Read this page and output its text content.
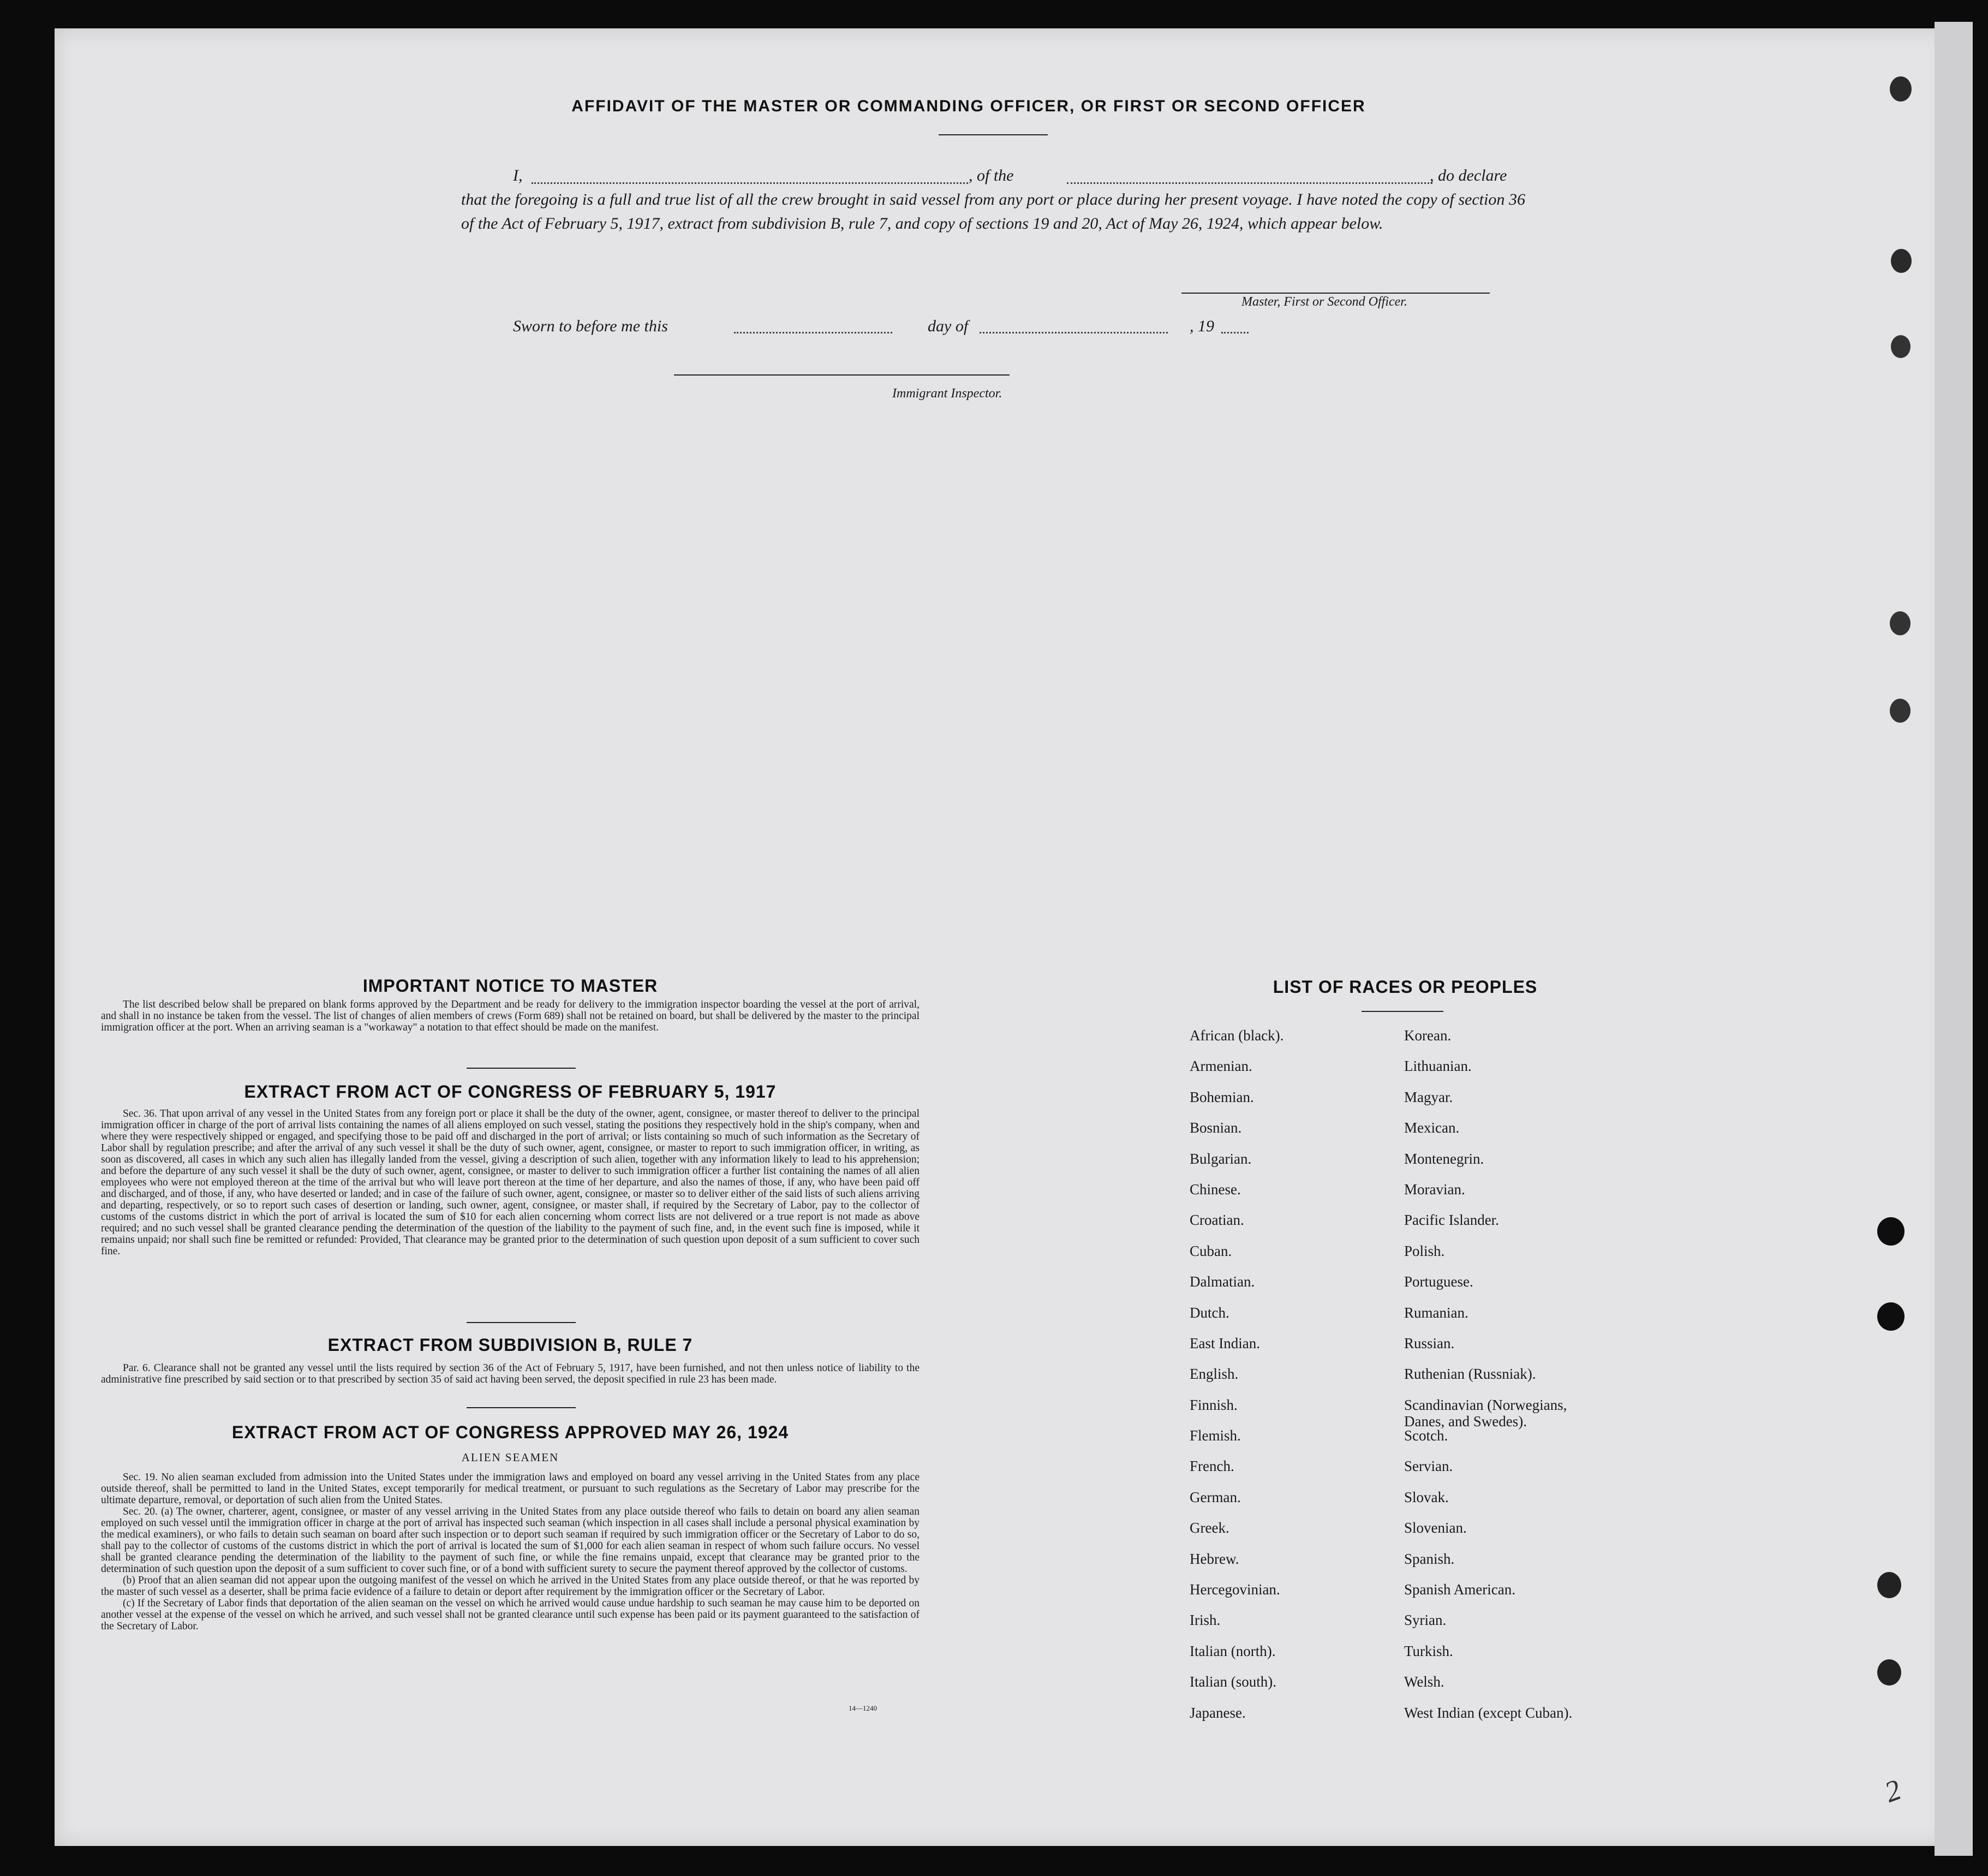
AFFIDAVIT OF THE MASTER OR COMMANDING OFFICER, OR FIRST OR SECOND OFFICER
I,	, of the	, do declare
that the foregoing is a full and true list of all the crew brought in said vessel from any port or place during her present voyage. I have noted the copy of section 36 of the Act of February 5, 1917, extract from subdivision B, rule 7, and copy of sections 19 and 20, Act of May 26, 1924, which appear below.
Master, First or Second Officer.
Sworn to before me this	day of	, 19
Immigrant Inspector.
IMPORTANT NOTICE TO MASTER

The list described below shall be prepared on blank forms approved by the Department and be ready for delivery to the immigration inspector boarding the vessel at the port of arrival, and shall in no instance be taken from the vessel. The list of changes of alien members of crews (Form 689) shall not be retained on board, but shall be delivered by the master to the principal immigration officer at the port. When an arriving seaman is a "workaway" a notation to that effect should be made on the manifest.

EXTRACT FROM ACT OF CONGRESS OF FEBRUARY 5, 1917

Sec. 36. That upon arrival of any vessel in the United States from any foreign port or place it shall be the duty of the owner, agent, consignee, or master thereof to deliver to the principal immigration officer in charge of the port of arrival lists containing the names of all aliens employed on such vessel, stating the positions they respectively hold in the ship's company, when and where they were respectively shipped or engaged, and specifying those to be paid off and discharged in the port of arrival; or lists containing so much of such information as the Secretary of Labor shall by regulation prescribe; and after the arrival of any such vessel it shall be the duty of such owner, agent, consignee, or master to report to such immigration officer, in writing, as soon as discovered, all cases in which any such alien has illegally landed from the vessel, giving a description of such alien, together with any information likely to lead to his apprehension; and before the departure of any such vessel it shall be the duty of such owner, agent, consignee, or master to deliver to such immigration officer a further list containing the names of all alien employees who were not employed thereon at the time of the arrival but who will leave port thereon at the time of her departure, and also the names of those, if any, who have been paid off and discharged, and of those, if any, who have deserted or landed; and in case of the failure of such owner, agent, consignee, or master so to deliver either of the said lists of such aliens arriving and departing, respectively, or so to report such cases of desertion or landing, such owner, agent, consignee, or master shall, if required by the Secretary of Labor, pay to the collector of customs of the customs district in which the port of arrival is located the sum of $10 for each alien concerning whom correct lists are not delivered or a true report is not made as above required; and no such vessel shall be granted clearance pending the determination of the question of the liability to the payment of such fine, and, in the event such fine is imposed, while it remains unpaid; nor shall such fine be remitted or refunded: Provided, That clearance may be granted prior to the determination of such question upon deposit of a sum sufficient to cover such fine.

EXTRACT FROM SUBDIVISION B, RULE 7

Par. 6. Clearance shall not be granted any vessel until the lists required by section 36 of the Act of February 5, 1917, have been furnished, and not then unless notice of liability to the administrative fine prescribed by said section or to that prescribed by section 35 of said act having been served, the deposit specified in rule 23 has been made.

EXTRACT FROM ACT OF CONGRESS APPROVED MAY 26, 1924
ALIEN SEAMEN

Sec. 19. No alien seaman excluded from admission into the United States under the immigration laws and employed on board any vessel arriving in the United States from any place outside thereof, shall be permitted to land in the United States, except temporarily for medical treatment, or pursuant to such regulations as the Secretary of Labor may prescribe for the ultimate departure, removal, or deportation of such alien from the United States.

Sec. 20. (a) The owner, charterer, agent, consignee, or master of any vessel arriving in the United States from any place outside thereof who fails to detain on board any alien seaman employed on such vessel until the immigration officer in charge at the port of arrival has inspected such seaman (which inspection in all cases shall include a personal physical examination by the medical examiners), or who fails to detain such seaman on board after such inspection or to deport such seaman if required by such immigration officer or the Secretary of Labor to do so, shall pay to the collector of customs of the customs district in which the port of arrival is located the sum of $1,000 for each alien seaman in respect of whom such failure occurs. No vessel shall be granted clearance pending the determination of the liability to the payment of such fine, or while the fine remains unpaid, except that clearance may be granted prior to the determination of such question upon the deposit of a sum sufficient to cover such fine, or of a bond with sufficient surety to secure the payment thereof approved by the collector of customs.

(b) Proof that an alien seaman did not appear upon the outgoing manifest of the vessel on which he arrived in the United States from any place outside thereof, or that he was reported by the master of such vessel as a deserter, shall be prima facie evidence of a failure to detain or deport after requirement by the immigration officer or the Secretary of Labor.

(c) If the Secretary of Labor finds that deportation of the alien seaman on the vessel on which he arrived would cause undue hardship to such seaman he may cause him to be deported on another vessel at the expense of the vessel on which he arrived, and such vessel shall not be granted clearance until such expense has been paid or its payment guaranteed to the satisfaction of the Secretary of Labor.

14—1240
LIST OF RACES OR PEOPLES
African (black).
Armenian.
Bohemian.
Bosnian.
Bulgarian.
Chinese.
Croatian.
Cuban.
Dalmatian.
Dutch.
East Indian.
English.
Finnish.
Flemish.
French.
German.
Greek.
Hebrew.
Hercegovinian.
Irish.
Italian (north).
Italian (south).
Japanese.
Korean.
Lithuanian.
Magyar.
Mexican.
Montenegrin.
Moravian.
Pacific Islander.
Polish.
Portuguese.
Rumanian.
Russian.
Ruthenian (Russniak).
Scandinavian (Norwegians,
Danes, and Swedes).
Scotch.
Servian.
Slovak.
Slovenian.
Spanish.
Spanish American.
Syrian.
Turkish.
Welsh.
West Indian (except Cuban).
2
